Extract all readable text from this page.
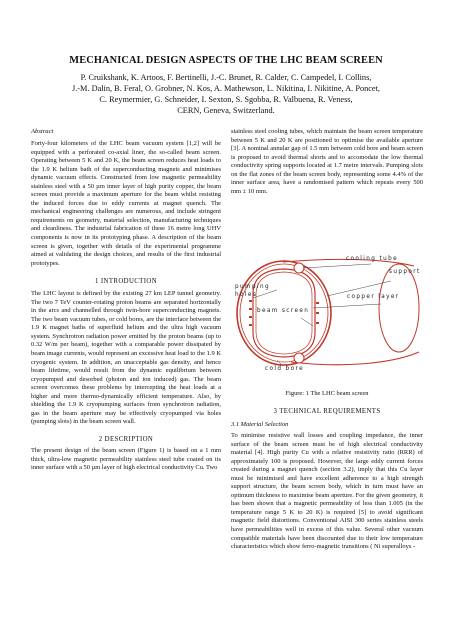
MECHANICAL DESIGN ASPECTS OF THE LHC BEAM SCREEN
P. Cruikshank, K. Artoos, F. Bertinelli, J.-C. Brunet, R. Calder, C. Campedel, I. Collins,
J.-M. Dalin, B. Feral, O. Grobner, N. Kos, A. Mathewson, L. Nikitina, I. Nikitine, A. Poncet,
C. Reymermier, G. Schneider, I. Sexton, S. Sgobba, R. Valbuena, R. Veness,
CERN, Geneva, Switzerland.

Abstract

Forty-four kilometers of the LHC beam vacuum system [1,2] will be equipped with a perforated co-axial liner, the so-called beam screen. Operating between 5 K and 20 K, the beam screen reduces heat loads to the 1.9 K helium bath of the superconducting magnets and minimises dynamic vacuum effects. Constructed from low magnetic permeability stainless steel with a 50 µm inner layer of high purity copper, the beam screen must provide a maximum aperture for the beam whilst resisting the induced forces due to eddy currents at magnet quench. The mechanical engineering challenges are numerous, and include stringent requirements on geometry, material selection, manufacturing techniques and cleanliness. The industrial fabrication of these 16 metre long UHV components is now in its prototyping phase. A description of the beam screen is given, together with details of the experimental programme aimed at validating the design choices, and results of the first industrial prototypes.

1 INTRODUCTION

The LHC layout is defined by the existing 27 km LEP tunnel geometry. The two 7 TeV counter-rotating proton beams are separated horizontally in the arcs and channelled through twin-bore superconducting magnets. The two beam vacuum tubes, or cold bores, are the interface between the 1.9 K magnet baths of superfluid helium and the ultra high vacuum system. Synchrotron radiation power emitted by the proton beams (up to 0.32 W/m per beam), together with a comparable power dissipated by beam image currents, would represent an excessive heat load to the 1.9 K cryogenic system. In addition, an unacceptable gas density, and hence beam lifetime, would result from the dynamic equilibrium between cryopumped and desorbed (photon and ion induced) gas. The beam screen overcomes these problems by intercepting the heat loads at a higher and more thermo-dynamically efficient temperature. Also, by shielding the 1.9 K cryopumping surfaces from synchrotron radiation, gas in the beam aperture may be effectively cryopumped via holes (pumping slots) in the beam screen wall.

2 DESCRIPTION

The present design of the beam screen (Figure 1) is based on a 1 mm thick, ultra-low magnetic permeability stainless steel tube coated on its inner surface with a 50 µm layer of high electrical conductivity Cu. Two

stainless steel cooling tubes, which maintain the beam screen temperature between 5 K and 20 K are positioned to optimise the available aperture [3]. A nominal annular gap of 1.5 mm between cold bore and beam screen is proposed to avoid thermal shorts and to accomodate the low thermal conductivity spring supports located at 1.7 metre intervals. Pumping slots on the flat zones of the beam screen body, representing some 4.4% of the inner surface area, have a randomised pattern which repeats every 500 mm ± 10 mm.

cooling tube
support
pumping
holes
beam screen
copper layer
cold bore
Figure: 1 The LHC beam screen

3 TECHNICAL REQUIREMENTS

3.1 Material Selection

To minimise resistive wall losses and coupling impedance, the inner surface of the beam screen must be of high electrical conductivity material [4]. High purity Cu with a relative resistivity ratio (RRR) of approximately 100 is proposed. However, the large eddy current forces created during a magnet quench (section 3.2), imply that this Cu layer must be minimised and have excellent adherence to a high strength support structure, the beam screen body, which in turn must have an optimum thickness to maximise beam aperture. For the given geometry, it has been shown that a magnetic permeability of less than 1.005 (in the temperature range 5 K to 20 K) is required [5] to avoid significant magnetic field distortions. Conventional AISI 300 series stainless steels have permeabilities well in excess of this value. Several other vacuum compatible materials have been discounted due to their low temperature characteristics which show ferro-magnetic transitions ( Ni superalloys -
